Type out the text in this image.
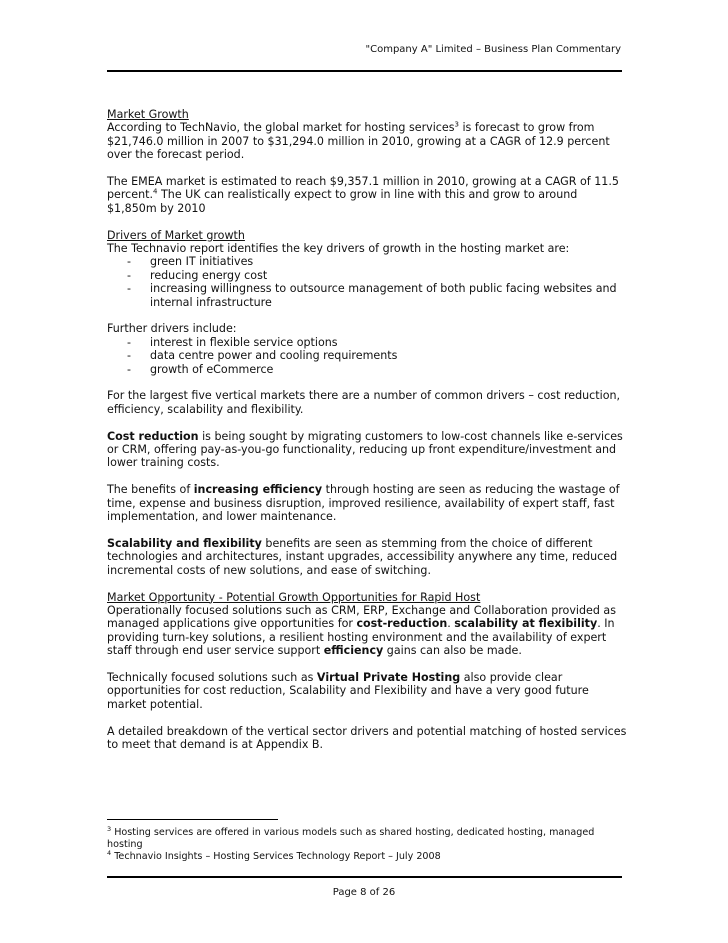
"Company A" Limited – Business Plan Commentary

Market Growth

According to TechNavio, the global market for hosting services$^3$ is forecast to grow from $21,746.0 million in 2007 to $31,294.0 million in 2010, growing at a CAGR of 12.9 percent over the forecast period.

The EMEA market is estimated to reach $9,357.1 million in 2010, growing at a CAGR of 11.5 percent.$^4$ The UK can realistically expect to grow in line with this and grow to around $1,850m by 2010

Drivers of Market growth

The Technavio report identifies the key drivers of growth in the hosting market are:

- green IT initiatives
- reducing energy cost
- increasing willingness to outsource management of both public facing websites and internal infrastructure

Further drivers include:

- interest in flexible service options
- data centre power and cooling requirements
- growth of eCommerce

For the largest five vertical markets there are a number of common drivers – cost reduction, efficiency, scalability and flexibility.

Cost reduction is being sought by migrating customers to low-cost channels like e-services or CRM, offering pay-as-you-go functionality, reducing up front expenditure/investment and lower training costs.

The benefits of increasing efficiency through hosting are seen as reducing the wastage of time, expense and business disruption, improved resilience, availability of expert staff, fast implementation, and lower maintenance.

Scalability and flexibility benefits are seen as stemming from the choice of different technologies and architectures, instant upgrades, accessibility anywhere any time, reduced incremental costs of new solutions, and ease of switching.

Market Opportunity - Potential Growth Opportunities for Rapid Host

Operationally focused solutions such as CRM, ERP, Exchange and Collaboration provided as managed applications give opportunities for cost-reduction. scalability at flexibility. In providing turn-key solutions, a resilient hosting environment and the availability of expert staff through end user service support efficiency gains can also be made.

Technically focused solutions such as Virtual Private Hosting also provide clear opportunities for cost reduction, Scalability and Flexibility and have a very good future market potential.

A detailed breakdown of the vertical sector drivers and potential matching of hosted services to meet that demand is at Appendix B.

$^3$ Hosting services are offered in various models such as shared hosting, dedicated hosting, managed hosting

$^4$ Technavio Insights – Hosting Services Technology Report – July 2008

Page 8 of 26
